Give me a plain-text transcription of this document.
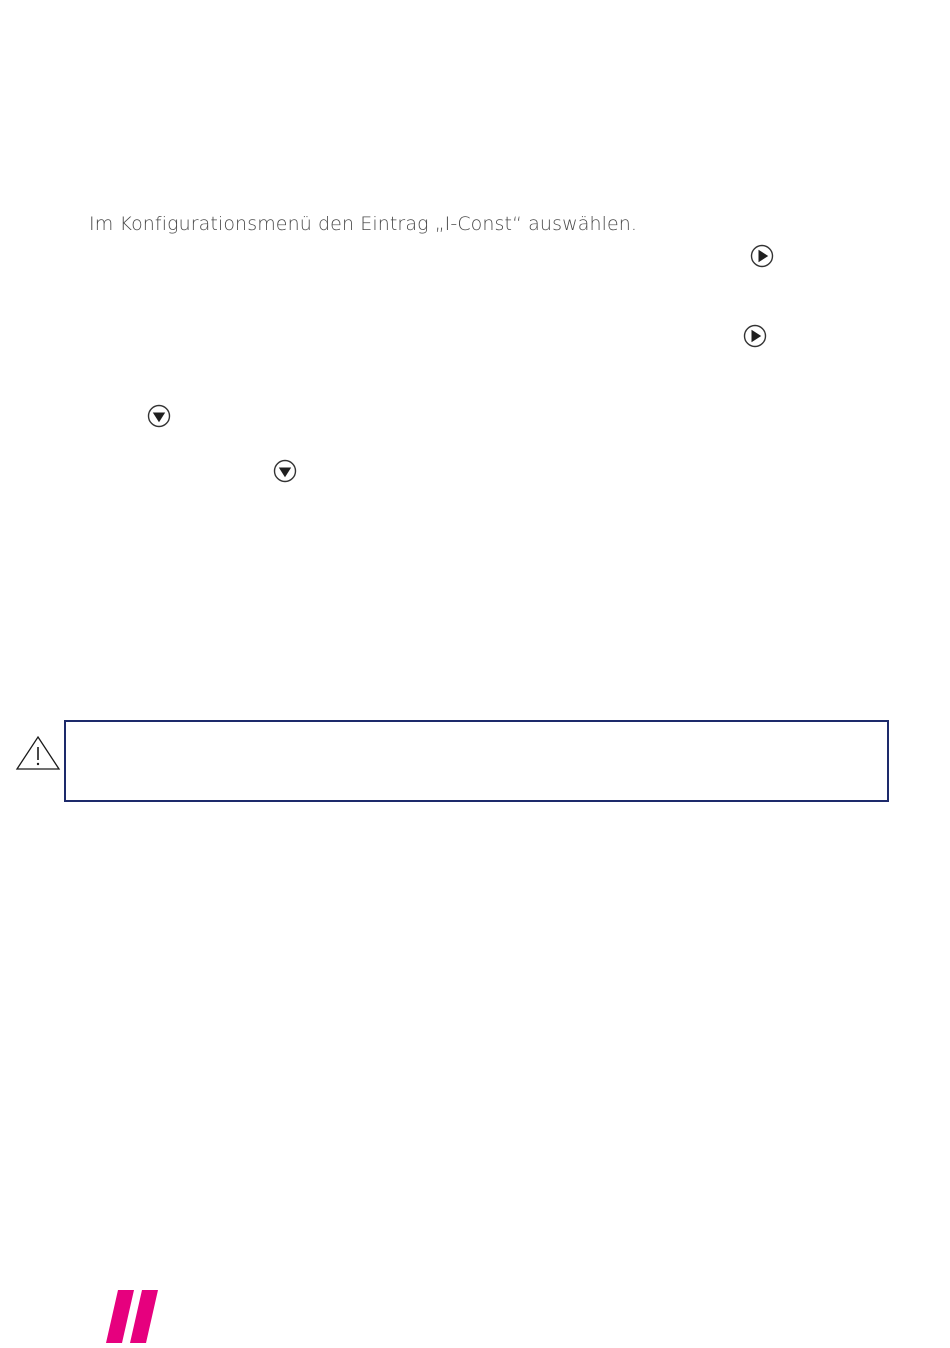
Im Konfigurationsmenü den Eintrag „I-Const“ auswählen.
